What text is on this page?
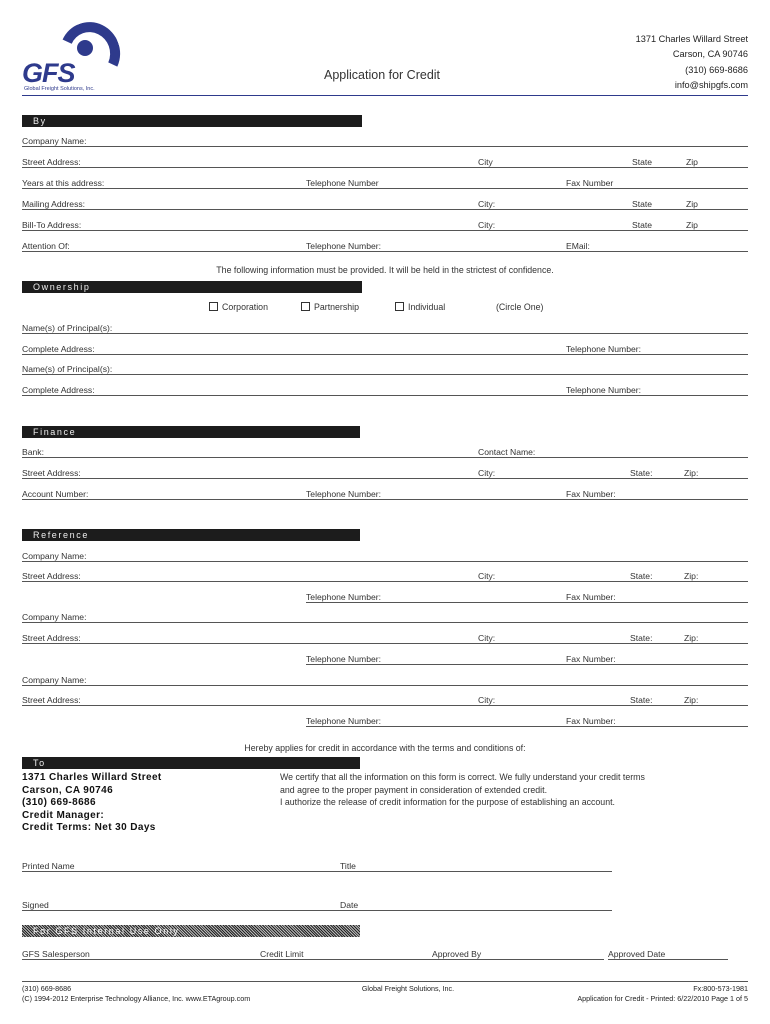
GFS
Global Freight Solutions, Inc.
Application for Credit
1371 Charles Willard Street
Carson, CA 90746
(310) 669-8686
info@shipgfs.com
By
Company Name:
Street Address:	City	State	Zip
Years at this address:	Telephone Number	Fax Number
Mailing Address:	City:	State	Zip
Bill-To Address:	City:	State	Zip
Attention Of:	Telephone Number:	EMail:
The following information must be provided. It will be held in the strictest of confidence.
Ownership
Corporation	Partnership	Individual	(Circle One)
Name(s) of Principal(s):
Complete Address:	Telephone Number:
Name(s) of Principal(s):
Complete Address:	Telephone Number:
Finance
Bank:	Contact Name:
Street Address:	City:	State:	Zip:
Account Number:	Telephone Number:	Fax Number:
Reference
Company Name:
Street Address:	City:	State:	Zip:
Telephone Number:	Fax Number:
Company Name:
Street Address:	City:	State:	Zip:
Telephone Number:	Fax Number:
Company Name:
Street Address:	City:	State:	Zip:
Telephone Number:	Fax Number:
Hereby applies for credit in accordance with the terms and conditions of:
To
1371 Charles Willard Street
Carson, CA 90746
(310) 669-8686
Credit Manager:
Credit Terms: Net 30 Days
We certify that all the information on this form is correct. We fully understand your credit terms
and agree to the proper payment in consideration of extended credit.
I authorize the release of credit information for the purpose of establishing an account.
Printed Name	Title
Signed	Date
For GFS Internal Use Only
GFS Salesperson	Credit Limit	Approved By	Approved Date
(310) 669-8686
(C) 1994-2012 Enterprise Technology Alliance, Inc. www.ETAgroup.com
Global Freight Solutions, Inc.	Fx:800-573-1981
Application for Credit - Printed: 6/22/2010 Page 1 of 5
